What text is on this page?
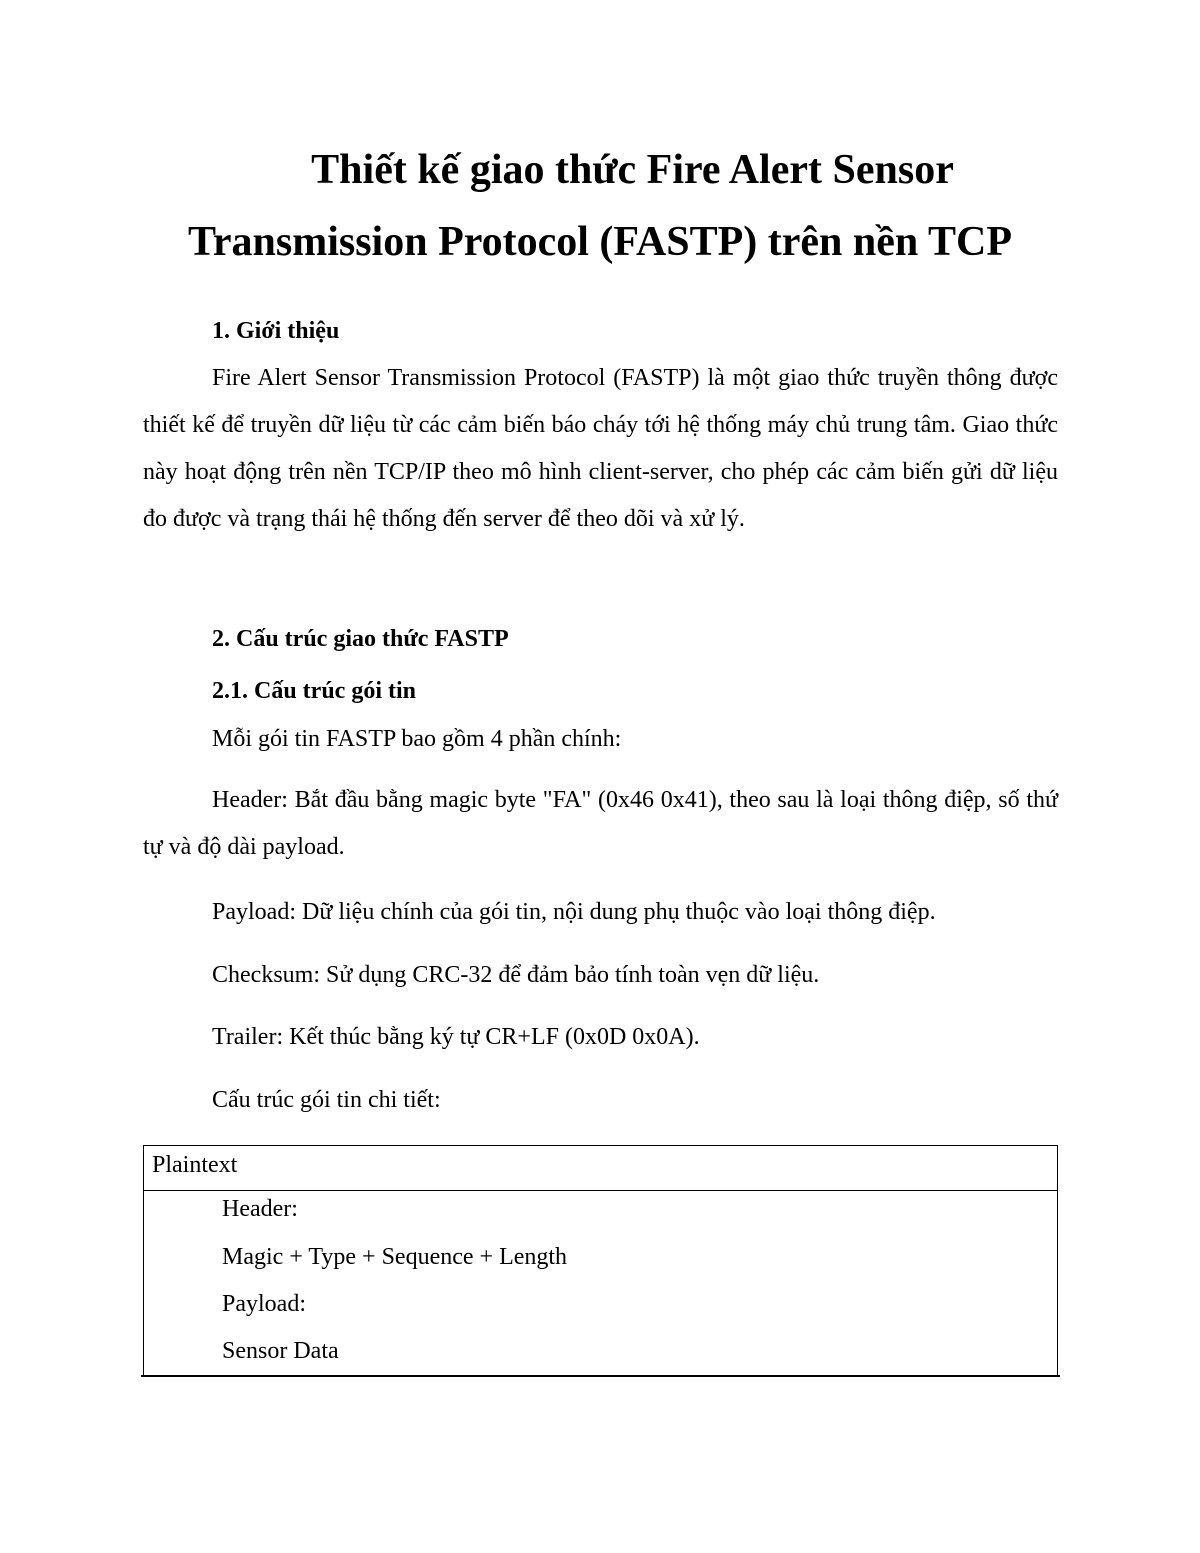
Thiết kế giao thức Fire Alert Sensor
Transmission Protocol (FASTP) trên nền TCP
1. Giới thiệu
Fire Alert Sensor Transmission Protocol (FASTP) là một giao thức truyền thông được thiết kế để truyền dữ liệu từ các cảm biến báo cháy tới hệ thống máy chủ trung tâm. Giao thức này hoạt động trên nền TCP/IP theo mô hình client-server, cho phép các cảm biến gửi dữ liệu đo được và trạng thái hệ thống đến server để theo dõi và xử lý.
2. Cấu trúc giao thức FASTP
2.1. Cấu trúc gói tin
Mỗi gói tin FASTP bao gồm 4 phần chính:
Header: Bắt đầu bằng magic byte "FA" (0x46 0x41), theo sau là loại thông điệp, số thứ tự và độ dài payload.
Payload: Dữ liệu chính của gói tin, nội dung phụ thuộc vào loại thông điệp.
Checksum: Sử dụng CRC-32 để đảm bảo tính toàn vẹn dữ liệu.
Trailer: Kết thúc bằng ký tự CR+LF (0x0D 0x0A).
Cấu trúc gói tin chi tiết:
Plaintext
Header:
Magic + Type + Sequence + Length
Payload:
Sensor Data
